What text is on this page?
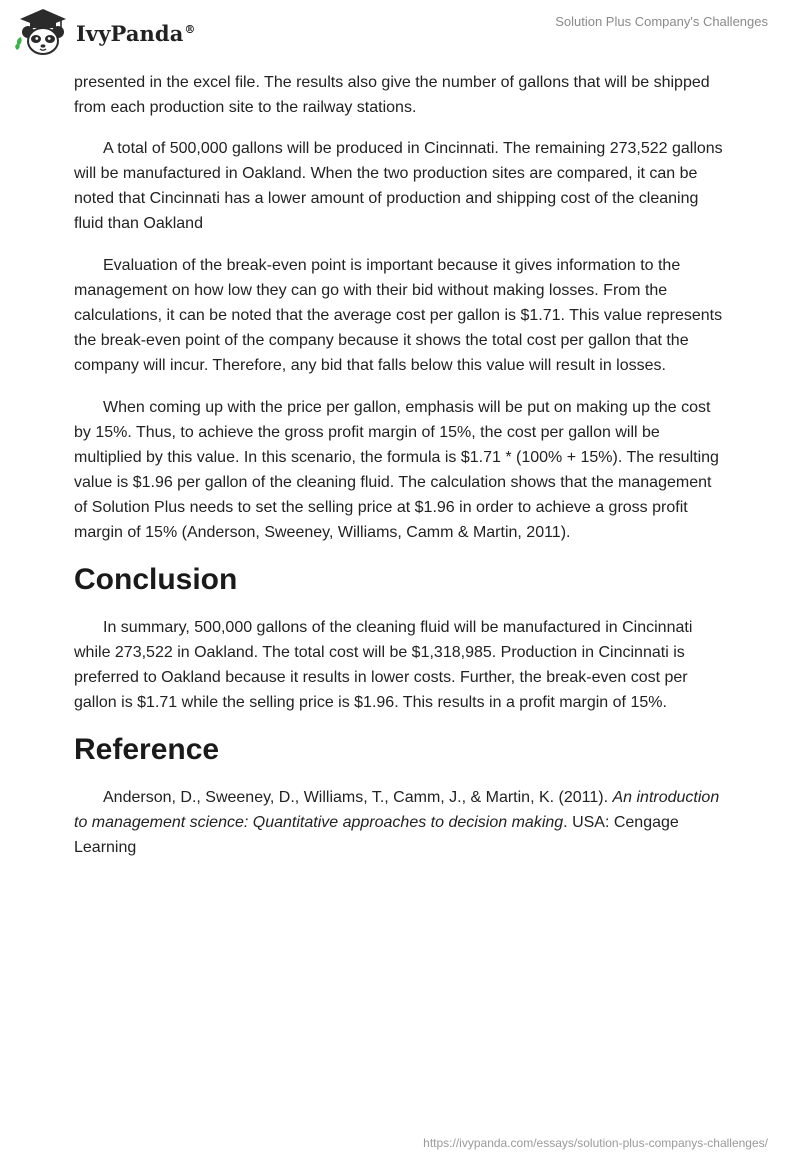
IvyPanda®	Solution Plus Company's Challenges

presented in the excel file. The results also give the number of gallons that will be shipped from each production site to the railway stations.

A total of 500,000 gallons will be produced in Cincinnati. The remaining 273,522 gallons will be manufactured in Oakland. When the two production sites are compared, it can be noted that Cincinnati has a lower amount of production and shipping cost of the cleaning fluid than Oakland

Evaluation of the break-even point is important because it gives information to the management on how low they can go with their bid without making losses. From the calculations, it can be noted that the average cost per gallon is $1.71. This value represents the break-even point of the company because it shows the total cost per gallon that the company will incur. Therefore, any bid that falls below this value will result in losses.

When coming up with the price per gallon, emphasis will be put on making up the cost by 15%. Thus, to achieve the gross profit margin of 15%, the cost per gallon will be multiplied by this value. In this scenario, the formula is $1.71 * (100% + 15%). The resulting value is $1.96 per gallon of the cleaning fluid. The calculation shows that the management of Solution Plus needs to set the selling price at $1.96 in order to achieve a gross profit margin of 15% (Anderson, Sweeney, Williams, Camm & Martin, 2011).

Conclusion

In summary, 500,000 gallons of the cleaning fluid will be manufactured in Cincinnati while 273,522 in Oakland. The total cost will be $1,318,985. Production in Cincinnati is preferred to Oakland because it results in lower costs. Further, the break-even cost per gallon is $1.71 while the selling price is $1.96. This results in a profit margin of 15%.

Reference

Anderson, D., Sweeney, D., Williams, T., Camm, J., & Martin, K. (2011). An introduction to management science: Quantitative approaches to decision making. USA: Cengage Learning

https://ivypanda.com/essays/solution-plus-companys-challenges/
